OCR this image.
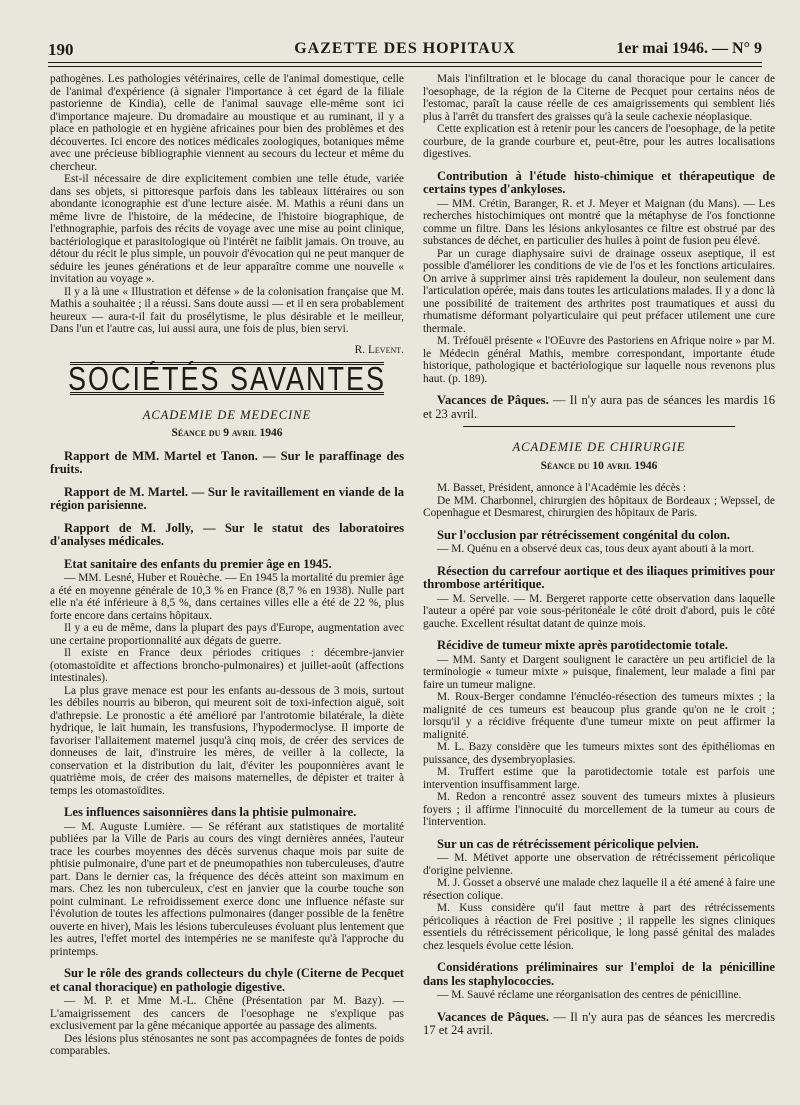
190	GAZETTE DES HOPITAUX	1er mai 1946. — N° 9

pathogènes. Les pathologies vétérinaires, celle de l'animal domestique, celle de l'animal d'expérience (à signaler l'importance à cet égard de la filiale pastorienne de Kindia), celle de l'animal sauvage elle-même sont ici d'importance majeure. Du dromadaire au moustique et au ruminant, il y a place en pathologie et en hygiène africaines pour bien des problèmes et des découvertes. Ici encore des notices médicales zoologiques, botaniques même avec une précieuse bibliographie viennent au secours du lecteur et même du chercheur.

Est-il nécessaire de dire explicitement combien une telle étude, variée dans ses objets, si pittoresque parfois dans les tableaux littéraires ou son abondante iconographie est d'une lecture aisée. M. Mathis a réuni dans un même livre de l'histoire, de la médecine, de l'histoire biographique, de l'ethnographie, parfois des récits de voyage avec une mise au point clinique, bactériologique et parasitologique où l'intérêt ne faiblit jamais. On trouve, au détour du récit le plus simple, un pouvoir d'évocation qui ne peut manquer de séduire les jeunes générations et de leur apparaître comme une nouvelle « invitation au voyage ».

Il y a là une « Illustration et défense » de la colonisation française que M. Mathis a souhaitée ; il a réussi. Sans doute aussi — et il en sera probablement heureux — aura-t-il fait du prosélytisme, le plus désirable et le meilleur, Dans l'un et l'autre cas, lui aussi aura, une fois de plus, bien servi.

R. Levent.

SOCIÉTÉS SAVANTES
ACADEMIE DE MEDECINE
Séance du 9 avril 1946
Rapport de MM. Martel et Tanon. — Sur le paraffinage des fruits.
Rapport de M. Martel. — Sur le ravitaillement en viande de la région parisienne.
Rapport de M. Jolly, — Sur le statut des laboratoires d'analyses médicales.
Etat sanitaire des enfants du premier âge en 1945.

— MM. Lesné, Huber et Rouèche. — En 1945 la mortalité du premier âge a été en moyenne générale de 10,3 % en France (8,7 % en 1938). Nulle part elle n'a été inférieure à 8,5 %, dans certaines villes elle a été de 22 %, plus forte encore dans certains hôpitaux.

Il y a eu de même, dans la plupart des pays d'Europe, augmentation avec une certaine proportionnalité aux dégats de guerre.

Il existe en France deux périodes critiques : décembre-janvier (otomastoïdite et affections broncho-pulmonaires) et juillet-août (affections intestinales).

La plus grave menace est pour les enfants au-dessous de 3 mois, surtout les débiles nourris au biberon, qui meurent soit de toxi-infection aiguë, soit d'athrepsie. Le pronostic a été amélioré par l'antrotomie bilatérale, la diète hydrique, le lait humain, les transfusions, l'hypodermoclyse. Il importe de favoriser l'allaitement maternel jusqu'à cinq mois, de créer des services de donneuses de lait, d'instruire les mères, de veiller à la collecte, la conservation et la distribution du lait, d'éviter les pouponnières avant le quatrième mois, de créer des maisons maternelles, de dépister et traiter à temps les otomastoïdites.

Les influences saisonnières dans la phtisie pulmonaire.

— M. Auguste Lumière. — Se référant aux statistiques de mortalité publiées par la Ville de Paris au cours des vingt dernières années, l'auteur trace les courbes moyennes des décès survenus chaque mois par suite de phtisie pulmonaire, d'une part et de pneumopathies non tuberculeuses, d'autre part. Dans le dernier cas, la fréquence des décès atteint son maximum en mars. Chez les non tuberculeux, c'est en janvier que la courbe touche son point culminant. Le refroidissement exerce donc une influence néfaste sur l'évolution de toutes les affections pulmonaires (danger possible de la fenêtre ouverte en hiver), Mais les lésions tuberculeuses évoluant plus lentement que les autres, l'effet mortel des intempéries ne se manifeste qu'à l'approche du printemps.

Sur le rôle des grands collecteurs du chyle (Citerne de Pecquet et canal thoracique) en pathologie digestive.

— M. P. et Mme M.-L. Chêne (Présentation par M. Bazy). — L'amaigrissement des cancers de l'oesophage ne s'explique pas exclusivement par la gêne mécanique apportée au passage des aliments.

Des lésions plus sténosantes ne sont pas accompagnées de fontes de poids comparables.

Mais l'infiltration et le blocage du canal thoracique pour le cancer de l'oesophage, de la région de la Citerne de Pecquet pour certains néos de l'estomac, paraît la cause réelle de ces amaigrissements qui semblent liés plus à l'arrêt du transfert des graisses qu'à la seule cachexie néoplasique.

Cette explication est à retenir pour les cancers de l'oesophage, de la petite courbure, de la grande courbure et, peut-être, pour les autres localisations digestives.

Contribution à l'étude histo-chimique et thérapeutique de certains types d'ankyloses.

— MM. Crétin, Baranger, R. et J. Meyer et Maignan (du Mans). — Les recherches histochimiques ont montré que la métaphyse de l'os fonctionne comme un filtre. Dans les lésions ankylosantes ce filtre est obstrué par des substances de déchet, en particulier des huiles à point de fusion peu élevé.

Par un curage diaphysaire suivi de drainage osseux aseptique, il est possible d'améliorer les conditions de vie de l'os et les fonctions articulaires. On arrive à supprimer ainsi très rapidement la douleur, non seulement dans l'articulation opérée, mais dans toutes les articulations malades. Il y a donc là une possibilité de traitement des arthrites post traumatiques et aussi du rhumatisme déformant polyarticulaire qui peut préfacer utilement une cure thermale.

M. Tréfouël présente « l'OEuvre des Pastoriens en Afrique noire » par M. le Médecin général Mathis, membre correspondant, importante étude historique, pathologique et bactériologique sur laquelle nous revenons plus haut. (p. 189).

Vacances de Pâques. — Il n'y aura pas de séances les mardis 16 et 23 avril.
ACADEMIE DE CHIRURGIE
Séance du 10 avril 1946

M. Basset, Président, annonce à l'Académie les décès :

De MM. Charbonnel, chirurgien des hôpitaux de Bordeaux ; Wepssel, de Copenhague et Desmarest, chirurgien des hôpitaux de Paris.

Sur l'occlusion par rétrécissement congénital du colon.

— M. Quénu en a observé deux cas, tous deux ayant abouti à la mort.

Résection du carrefour aortique et des iliaques primitives pour thrombose artéritique.

— M. Servelle. — M. Bergeret rapporte cette observation dans laquelle l'auteur a opéré par voie sous-péritonéale le côté droit d'abord, puis le côté gauche. Excellent résultat datant de quinze mois.

Récidive de tumeur mixte après parotidectomie totale.

— MM. Santy et Dargent soulignent le caractère un peu artificiel de la terminologie « tumeur mixte » puisque, finalement, leur malade a fini par faire un tumeur maligne.

M. Roux-Berger condamne l'énucléo-résection des tumeurs mixtes ; la malignité de ces tumeurs est beaucoup plus grande qu'on ne le croit ; lorsqu'il y a récidive fréquente d'une tumeur mixte on peut affirmer la malignité.

M. L. Bazy considère que les tumeurs mixtes sont des épithéliomas en puissance, des dysembryoplasies.

M. Truffert estime que la parotidectomie totale est parfois une intervention insuffisamment large.

M. Redon a rencontré assez souvent des tumeurs mixtes à plusieurs foyers ; il affirme l'innocuité du morcellement de la tumeur au cours de l'intervention.

Sur un cas de rétrécissement péricolique pelvien.

— M. Métivet apporte une observation de rétrécissement péricolique d'origine pelvienne.

M. J. Gosset a observé une malade chez laquelle il a été amené à faire une résection colique.

M. Kuss considère qu'il faut mettre à part des rétrécissements péricoliques à réaction de Frei positive ; il rappelle les signes cliniques essentiels du rétrécissement péricolique, le long passé génital des malades chez lesquels évolue cette lésion.

Considérations préliminaires sur l'emploi de la pénicilline dans les staphylococcies.

— M. Sauvé réclame une réorganisation des centres de pénicilline.

Vacances de Pâques. — Il n'y aura pas de séances les mercredis 17 et 24 avril.
